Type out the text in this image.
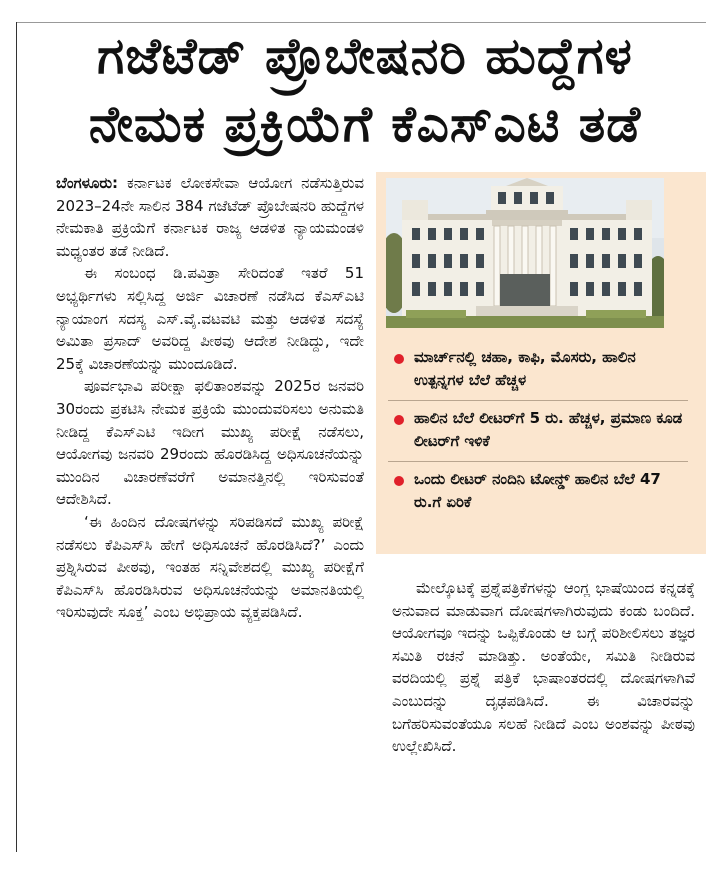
ಗಜೆಟೆಡ್ ಪ್ರೊಬೇಷನರಿ ಹುದ್ದೆಗಳ
ನೇಮಕ ಪ್ರಕ್ರಿಯೆಗೆ ಕೆಎಸ್ಎಟಿ ತಡೆ

ಬೆಂಗಳೂರು: ಕರ್ನಾಟಕ ಲೋಕಸೇವಾ ಆಯೋಗ ನಡೆಸುತ್ತಿರುವ 2023–24ನೇ ಸಾಲಿನ 384 ಗಜೆಟೆಡ್ ಪ್ರೊಬೇಷನರಿ ಹುದ್ದೆಗಳ ನೇಮಕಾತಿ ಪ್ರಕ್ರಿಯೆಗೆ ಕರ್ನಾಟಕ ರಾಜ್ಯ ಆಡಳಿತ ನ್ಯಾಯಮಂಡಳಿ ಮಧ್ಯಂತರ ತಡೆ ನೀಡಿದೆ.

ಈ ಸಂಬಂಧ ಡಿ.ಪವಿತ್ರಾ ಸೇರಿದಂತೆ ಇತರೆ 51 ಅಭ್ಯರ್ಥಿಗಳು ಸಲ್ಲಿಸಿದ್ದ ಅರ್ಜಿ ವಿಚಾರಣೆ ನಡೆಸಿದ ಕೆಎಸ್ಎಟಿ ನ್ಯಾಯಾಂಗ ಸದಸ್ಯ ಎಸ್.ವೈ.ವಟವಟಿ ಮತ್ತು ಆಡಳಿತ ಸದಸ್ಯೆ ಅಮಿತಾ ಪ್ರಸಾದ್ ಅವರಿದ್ದ ಪೀಠವು ಆದೇಶ ನೀಡಿದ್ದು, ಇದೇ 25ಕ್ಕೆ ವಿಚಾರಣೆಯನ್ನು ಮುಂದೂಡಿದೆ.

ಪೂರ್ವಭಾವಿ ಪರೀಕ್ಷಾ ಫಲಿತಾಂಶವನ್ನು 2025ರ ಜನವರಿ 30ರಂದು ಪ್ರಕಟಿಸಿ ನೇಮಕ ಪ್ರಕ್ರಿಯೆ ಮುಂದುವರಿಸಲು ಅನುಮತಿ ನೀಡಿದ್ದ ಕೆಎಸ್ಎಟಿ ಇದೀಗ ಮುಖ್ಯ ಪರೀಕ್ಷೆ ನಡೆಸಲು, ಆಯೋಗವು ಜನವರಿ 29ರಂದು ಹೊರಡಿಸಿದ್ದ ಅಧಿಸೂಚನೆಯನ್ನು ಮುಂದಿನ ವಿಚಾರಣೆವರೆಗೆ ಅಮಾನತ್ತಿನಲ್ಲಿ ಇರಿಸುವಂತೆ ಆದೇಶಿಸಿದೆ.

‘ಈ ಹಿಂದಿನ ದೋಷಗಳನ್ನು ಸರಿಪಡಿಸದೆ ಮುಖ್ಯ ಪರೀಕ್ಷೆ ನಡೆಸಲು ಕೆಪಿಎಸ್‌ಸಿ ಹೇಗೆ ಅಧಿಸೂಚನೆ ಹೊರಡಿಸಿದೆ?’ ಎಂದು ಪ್ರಶ್ನಿಸಿರುವ ಪೀಠವು, ಇಂತಹ ಸನ್ನಿವೇಶದಲ್ಲಿ ಮುಖ್ಯ ಪರೀಕ್ಷೆಗೆ ಕೆಪಿಎಸ್‌ಸಿ ಹೊರಡಿಸಿರುವ ಅಧಿಸೂಚನೆಯನ್ನು ಅಮಾನತಿಯಲ್ಲಿ ಇರಿಸುವುದೇ ಸೂಕ್ತ’ ಎಂಬ ಅಭಿಪ್ರಾಯ ವ್ಯಕ್ತಪಡಿಸಿದೆ.

ಮಾರ್ಚ್‌ನಲ್ಲಿ ಚಹಾ, ಕಾಫಿ, ಮೊಸರು, ಹಾಲಿನ ಉತ್ಪನ್ನಗಳ ಬೆಲೆ ಹೆಚ್ಚಳ
ಹಾಲಿನ ಬೆಲೆ ಲೀಟರ್‌ಗೆ 5 ರು. ಹೆಚ್ಚಳ, ಪ್ರಮಾಣ ಕೂಡ ಲೀಟರ್‌ಗೆ ಇಳಿಕೆ
ಒಂದು ಲೀಟರ್ ನಂದಿನಿ ಟೋನ್ಡ್ ಹಾಲಿನ ಬೆಲೆ 47 ರು.ಗೆ ಏರಿಕೆ

ಮೇಲ್ಕೊಟಕ್ಕೆ ಪ್ರಶ್ನೆಪತ್ರಿಕೆಗಳನ್ನು ಆಂಗ್ಲ ಭಾಷೆಯಿಂದ ಕನ್ನಡಕ್ಕೆ ಅನುವಾದ ಮಾಡುವಾಗ ದೋಷಗಳಾಗಿರುವುದು ಕಂಡು ಬಂದಿದೆ. ಆಯೋಗವೂ ಇದನ್ನು ಒಪ್ಪಿಕೊಂಡು ಆ ಬಗ್ಗೆ ಪರಿಶೀಲಿಸಲು ತಜ್ಞರ ಸಮಿತಿ ರಚನೆ ಮಾಡಿತ್ತು. ಅಂತೆಯೇ, ಸಮಿತಿ ನೀಡಿರುವ ವರದಿಯಲ್ಲಿ ಪ್ರಶ್ನೆ ಪತ್ರಿಕೆ ಭಾಷಾಂತರದಲ್ಲಿ ದೋಷಗಳಾಗಿವೆ ಎಂಬುದನ್ನು ದೃಢಪಡಿಸಿದೆ. ಈ ವಿಚಾರವನ್ನು ಬಗೆಹರಿಸುವಂತೆಯೂ ಸಲಹೆ ನೀಡಿದೆ ಎಂಬ ಅಂಶವನ್ನು ಪೀಠವು ಉಲ್ಲೇಖಿಸಿದೆ.
